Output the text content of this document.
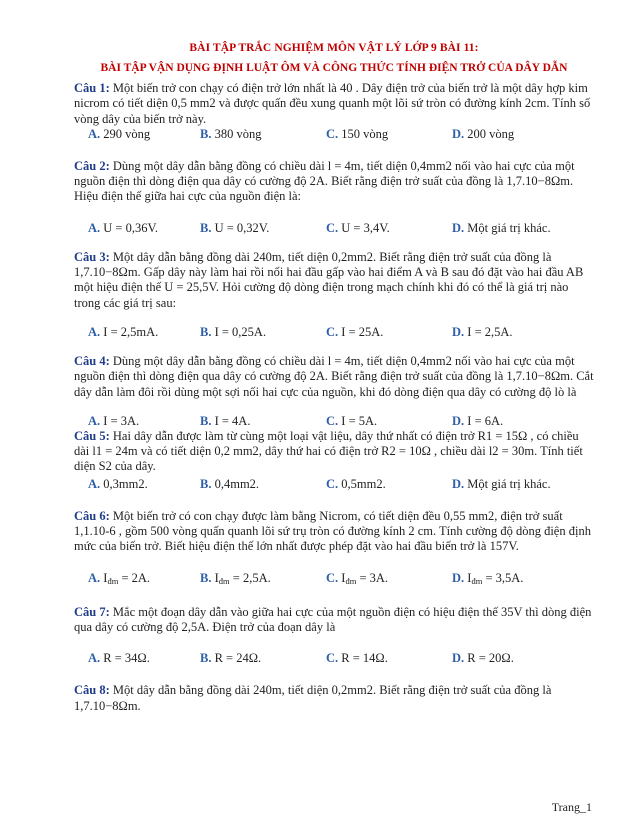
BÀI TẬP TRẮC NGHIỆM MÔN VẬT LÝ LỚP 9 BÀI 11:
BÀI TẬP VẬN DỤNG ĐỊNH LUẬT ÔM VÀ CÔNG THỨC TÍNH ĐIỆN TRỞ CỦA DÂY DẪN

Câu 1: Một biến trở con chạy có điện trở lớn nhất là 40 . Dây điện trở của biến trở là một dây hợp kim nicrom có tiết diện 0,5 mm2 và được quấn đều xung quanh một lõi sứ tròn có đường kính 2cm. Tính số vòng dây của biến trở này.

A. 290 vòng	B. 380 vòng	C. 150 vòng	D. 200 vòng

Câu 2: Dùng một dây dẫn bằng đồng có chiều dài l = 4m, tiết diện 0,4mm2 nối vào hai cực của một nguồn điện thì dòng điện qua dây có cường độ 2A. Biết rằng điện trở suất của đồng là 1,7.10−8Ωm. Hiệu điện thế giữa hai cực của nguồn điện là:

A. U = 0,36V.	B. U = 0,32V.	C. U = 3,4V.	D. Một giá trị khác.

Câu 3: Một dây dẫn bằng đồng dài 240m, tiết diện 0,2mm2. Biết rằng điện trở suất của đồng là 1,7.10−8Ωm. Gấp dây này làm hai rồi nối hai đầu gấp vào hai điểm A và B sau đó đặt vào hai đầu AB một hiệu điện thế U = 25,5V. Hỏi cường độ dòng điện trong mạch chính khi đó có thể là giá trị nào trong các giá trị sau:

A. I = 2,5mA.	B. I = 0,25A.	C. I = 25A.	D. I = 2,5A.

Câu 4: Dùng một dây dẫn bằng đồng có chiều dài l = 4m, tiết diện 0,4mm2 nối vào hai cực của một nguồn điện thì dòng điện qua dây có cường độ 2A. Biết rằng điện trở suất của đồng là 1,7.10−8Ωm. Cắt dây dẫn làm đôi rồi dùng một sợi nối hai cực của nguồn, khi đó dòng điện qua dây có cường độ lò là

A. I = 3A.	B. I = 4A.	C. I = 5A.	D. I = 6A.

Câu 5: Hai dây dẫn được làm từ cùng một loại vật liệu, dây thứ nhất có điện trở R1 = 15Ω , có chiều dài l1 = 24m và có tiết diện 0,2 mm2, dây thứ hai có điện trở R2 = 10Ω , chiều dài l2 = 30m. Tính tiết diện S2 của dây.

A. 0,3mm2.	B. 0,4mm2.	C. 0,5mm2.	D. Một giá trị khác.

Câu 6: Một biến trở có con chạy được làm bằng Nicrom, có tiết diện đều 0,55 mm2, điện trở suất 1,1.10-6 , gồm 500 vòng quấn quanh lõi sứ trụ tròn có đường kính 2 cm. Tính cường độ dòng điện định mức của biến trở. Biết hiệu điện thế lớn nhất được phép đặt vào hai đầu biến trở là 157V.

A. $I_{đm} = 2A$.	B. $I_{đm} = 2,5A$.	C. $I_{đm} = 3A$.	D. $I_{đm} = 3,5A$.

Câu 7: Mắc một đoạn dây dẫn vào giữa hai cực của một nguồn điện có hiệu điện thế 35V thì dòng điện qua dây có cường độ 2,5A. Điện trở của đoạn dây là

A. R = 34Ω.	B. R = 24Ω.	C. R = 14Ω.	D. R = 20Ω.

Câu 8: Một dây dẫn bằng đồng dài 240m, tiết diện 0,2mm2. Biết rằng điện trở suất của đồng là 1,7.10−8Ωm.

Trang_1
